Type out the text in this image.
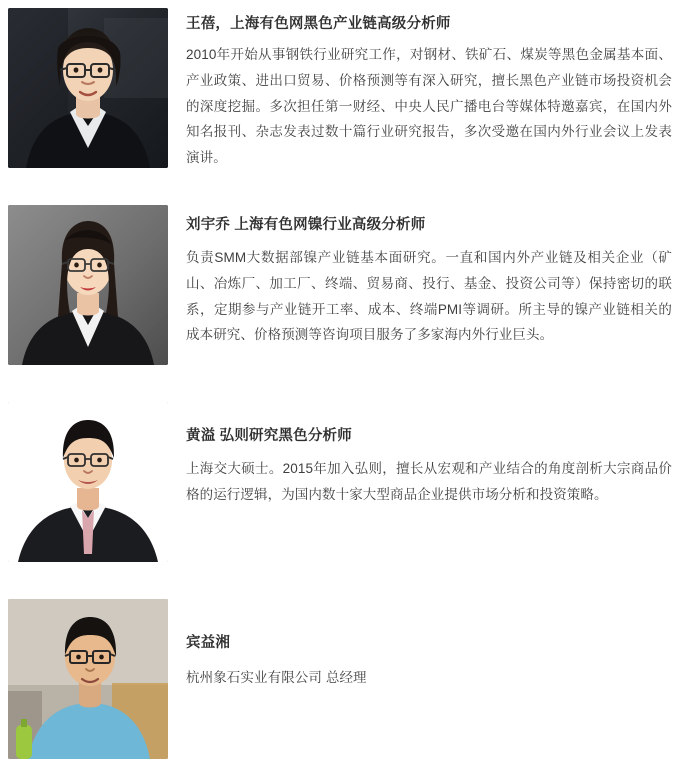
王蓓，上海有色网黑色产业链高级分析师

2010年开始从事钢铁行业研究工作，对钢材、铁矿石、煤炭等黑色金属基本面、产业政策、进出口贸易、价格预测等有深入研究，擅长黑色产业链市场投资机会的深度挖掘。多次担任第一财经、中央人民广播电台等媒体特邀嘉宾，在国内外知名报刊、杂志发表过数十篇行业研究报告，多次受邀在国内外行业会议上发表演讲。

刘宇乔 上海有色网镍行业高级分析师

负责SMM大数据部镍产业链基本面研究。一直和国内外产业链及相关企业（矿山、冶炼厂、加工厂、终端、贸易商、投行、基金、投资公司等）保持密切的联系，定期参与产业链开工率、成本、终端PMI等调研。所主导的镍产业链相关的成本研究、价格预测等咨询项目服务了多家海内外行业巨头。

黄溢 弘则研究黑色分析师

上海交大硕士。2015年加入弘则，擅长从宏观和产业结合的角度剖析大宗商品价格的运行逻辑，为国内数十家大型商品企业提供市场分析和投资策略。

宾益湘

杭州象石实业有限公司 总经理
